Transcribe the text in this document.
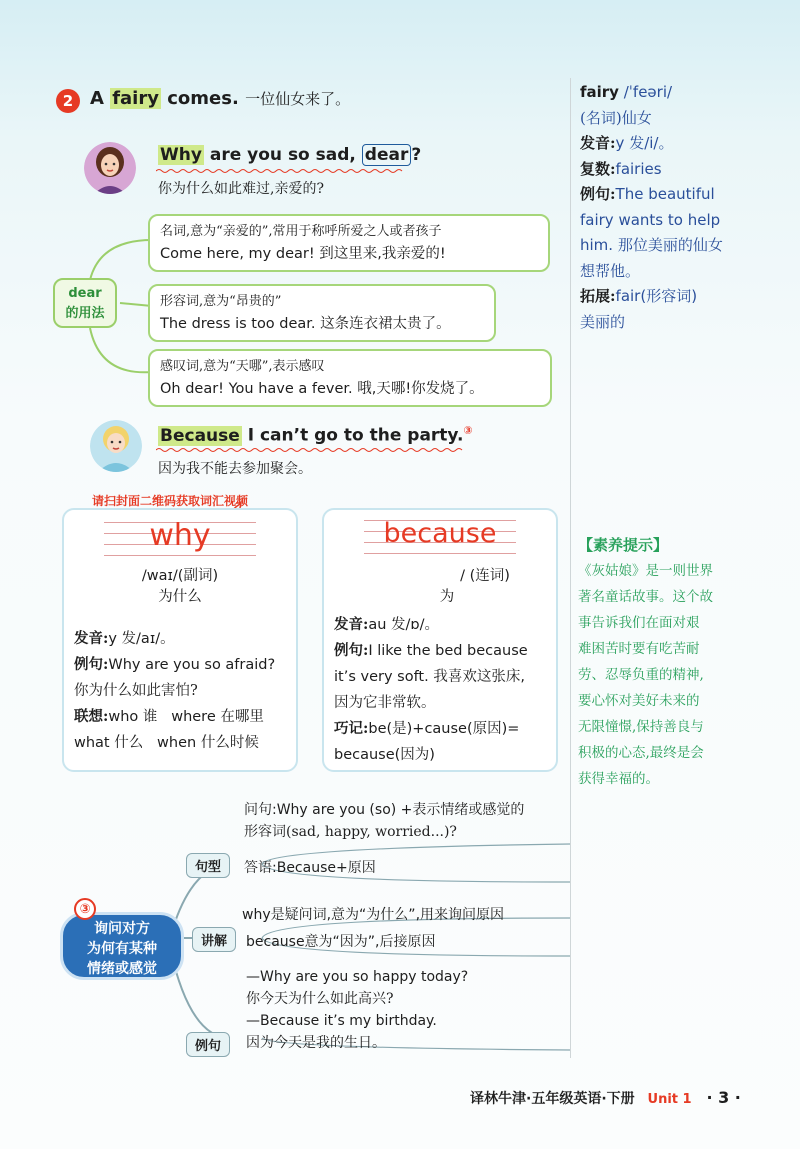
2 A fairy comes. 一位仙女来了。	fairy /ˈfeəri/
(名词)仙女
发音:y 发/i/。
复数:fairies
例句:The beautiful
fairy wants to help
him. 那位美丽的仙女
想帮他。
拓展:fair(形容词)
美丽的
【素养提示】
《灰姑娘》是一则世界
著名童话故事。这个故
事告诉我们在面对艰
难困苦时要有吃苦耐
劳、忍辱负重的精神,
要心怀对美好未来的
无限憧憬,保持善良与
积极的心态,最终是会
获得幸福的。
Why are you so sad, dear ?
你为什么如此难过,亲爱的?
dear
的用法
名词,意为“亲爱的”,常用于称呼所爱之人或者孩子
Come here, my dear! 到这里来,我亲爱的!
形容词,意为“昂贵的”
The dress is too dear. 这条连衣裙太贵了。
感叹词,意为“天哪”,表示感叹
Oh dear! You have a fever. 哦,天哪!你发烧了。
Because I can’t go to the party.③
因为我不能去参加聚会。
请扫封面二维码获取词汇视频
why
/waɪ/(副词)
为什么
发音:y 发/aɪ/。
例句:Why are you so afraid?
你为什么如此害怕?
联想:who 谁   where 在哪里
what 什么   when 什么时候
because
/ (连词)
为
发音:au 发/ɒ/。
例句:I like the bed because
it’s very soft. 我喜欢这张床,
因为它非常软。
巧记:be(是)+cause(原因)=
because(因为)
询问对方
为何有某种
情绪或感觉
③
句型
问句:Why are you (so) +表示情绪或感觉的
形容词(sad, happy, worried...)?
答语:Because+原因
讲解
why是疑问词,意为“为什么”,用来询问原因
because意为“因为”,后接原因
例句
—Why are you so happy today?
你今天为什么如此高兴?
—Because it’s my birthday.
因为今天是我的生日。
译林牛津·五年级英语·下册 Unit 1 · 3 ·
